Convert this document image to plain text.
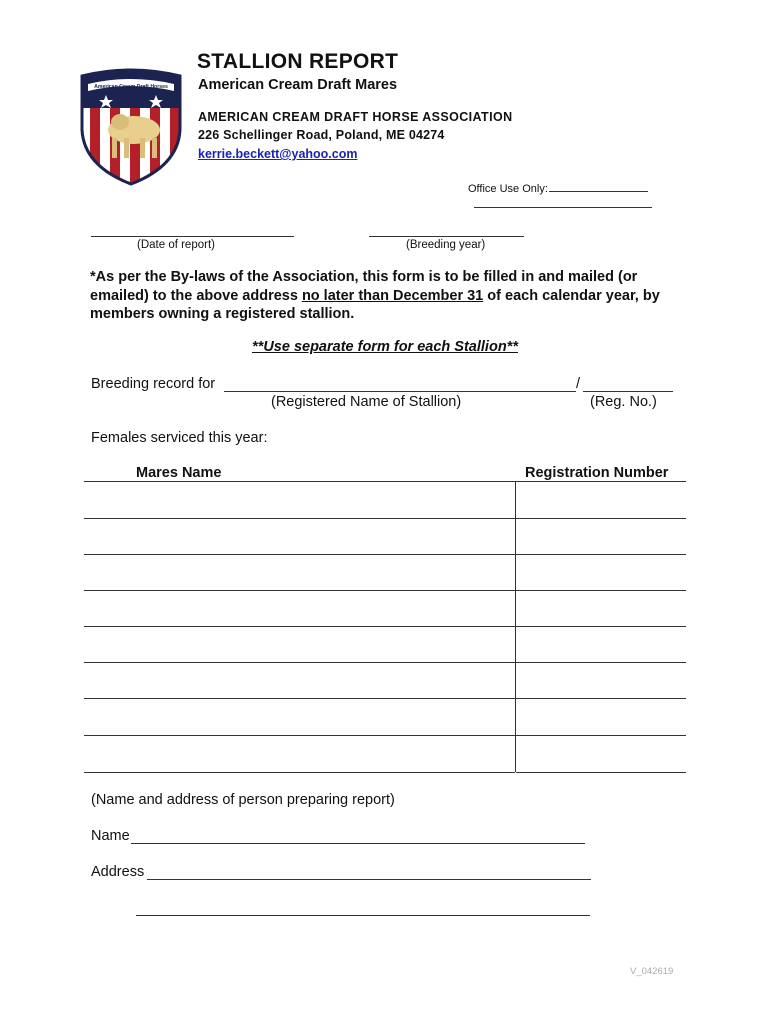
American Cream Draft Horses
STALLION REPORT
American Cream Draft Mares
AMERICAN CREAM DRAFT HORSE ASSOCIATION
226 Schellinger Road, Poland, ME 04274
kerrie.beckett@yahoo.com
Office Use Only:
(Date of report)	(Breeding year)
*As per the By-laws of the Association, this form is to be filled in and mailed (or emailed) to the above address no later than December 31 of each calendar year, by members owning a registered stallion.
**Use separate form for each Stallion**
Breeding record for	/
(Registered Name of Stallion)	(Reg. No.)
Females serviced this year:
Mares Name	Registration Number
(Name and address of person preparing report)
Name
Address
V_042619
